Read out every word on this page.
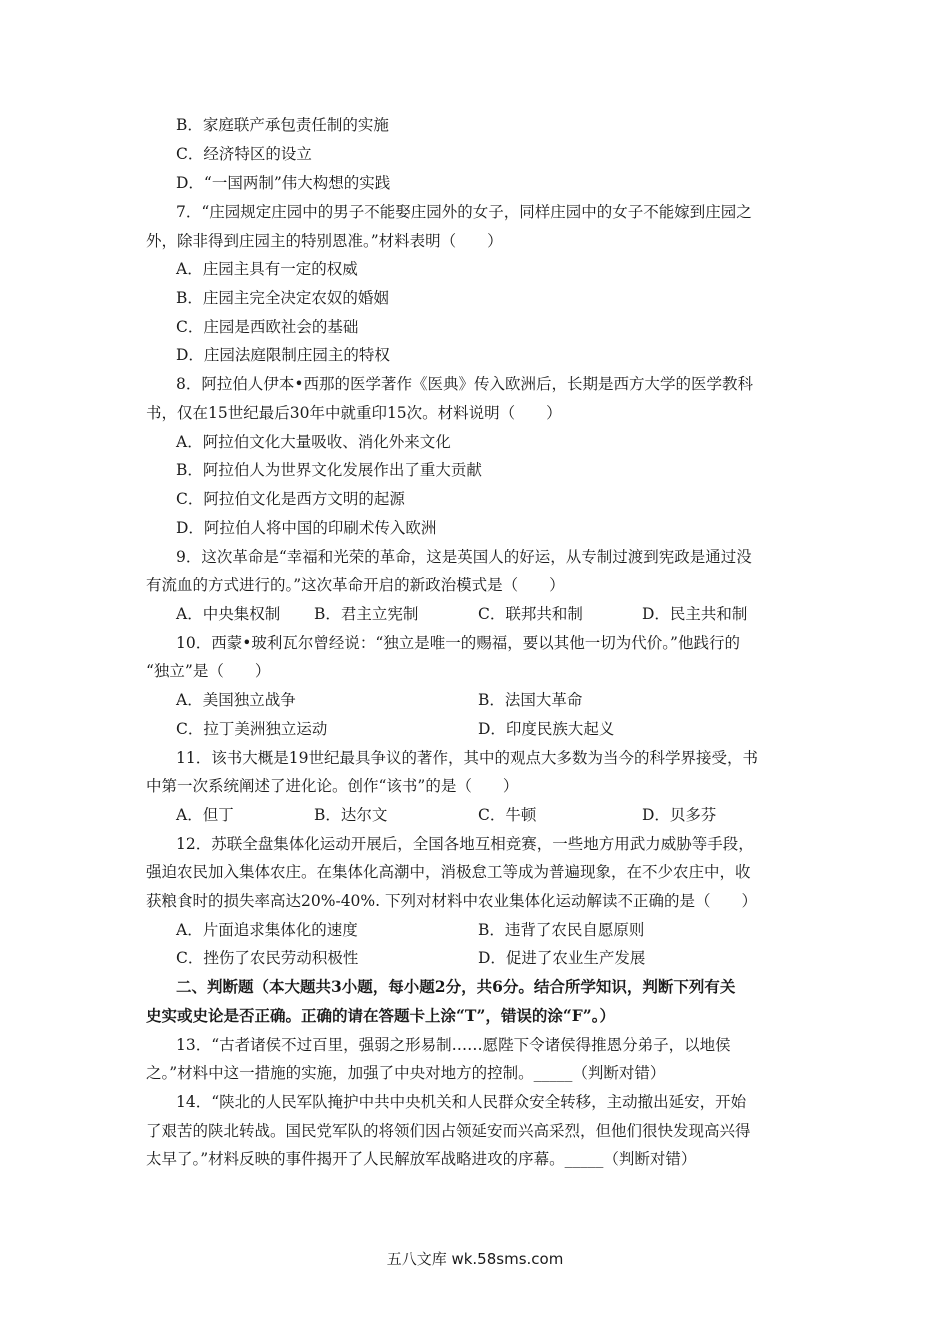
B．家庭联产承包责任制的实施
C．经济特区的设立
D．“一国两制”伟大构想的实践
7．“庄园规定庄园中的男子不能娶庄园外的女子，同样庄园中的女子不能嫁到庄园之
外，除非得到庄园主的特别恩准。”材料表明（　　）
A．庄园主具有一定的权威
B．庄园主完全决定农奴的婚姻
C．庄园是西欧社会的基础
D．庄园法庭限制庄园主的特权
8．阿拉伯人伊本•西那的医学著作《医典》传入欧洲后，长期是西方大学的医学教科
书，仅在15世纪最后30年中就重印15次。材料说明（　　）
A．阿拉伯文化大量吸收、消化外来文化
B．阿拉伯人为世界文化发展作出了重大贡献
C．阿拉伯文化是西方文明的起源
D．阿拉伯人将中国的印刷术传入欧洲
9．这次革命是“幸福和光荣的革命，这是英国人的好运，从专制过渡到宪政是通过没
有流血的方式进行的。”这次革命开启的新政治模式是（　　）
A．中央集权制 B．君主立宪制	C．联邦共和制	D．民主共和制
10．西蒙•玻利瓦尔曾经说：“独立是唯一的赐福，要以其他一切为代价。”他践行的
“独立”是（　　）
A．美国独立战争	B．法国大革命
C．拉丁美洲独立运动	D．印度民族大起义
11．该书大概是19世纪最具争议的著作，其中的观点大多数为当今的科学界接受，书
中第一次系统阐述了进化论。创作“该书”的是（　　）
A．但丁	B．达尔文	C．牛顿	D．贝多芬
12．苏联全盘集体化运动开展后，全国各地互相竞赛，一些地方用武力威胁等手段，
强迫农民加入集体农庄。在集体化高潮中，消极怠工等成为普遍现象，在不少农庄中，收
获粮食时的损失率高达20%-40%. 下列对材料中农业集体化运动解读不正确的是（　　）
A．片面追求集体化的速度	B．违背了农民自愿原则
C．挫伤了农民劳动积极性	D．促进了农业生产发展
二、判断题（本大题共3小题，每小题2分，共6分。结合所学知识，判断下列有关
史实或史论是否正确。正确的请在答题卡上涂“T”，错误的涂“F”。）
13．“古者诸侯不过百里，强弱之形易制……愿陛下令诸侯得推恩分弟子，以地侯
之。”材料中这一措施的实施，加强了中央对地方的控制。_____（判断对错）
14．“陕北的人民军队掩护中共中央机关和人民群众安全转移，主动撤出延安，开始
了艰苦的陕北转战。国民党军队的将领们因占领延安而兴高采烈，但他们很快发现高兴得
太早了。”材料反映的事件揭开了人民解放军战略进攻的序幕。_____（判断对错）
五八文库 wk.58sms.com
